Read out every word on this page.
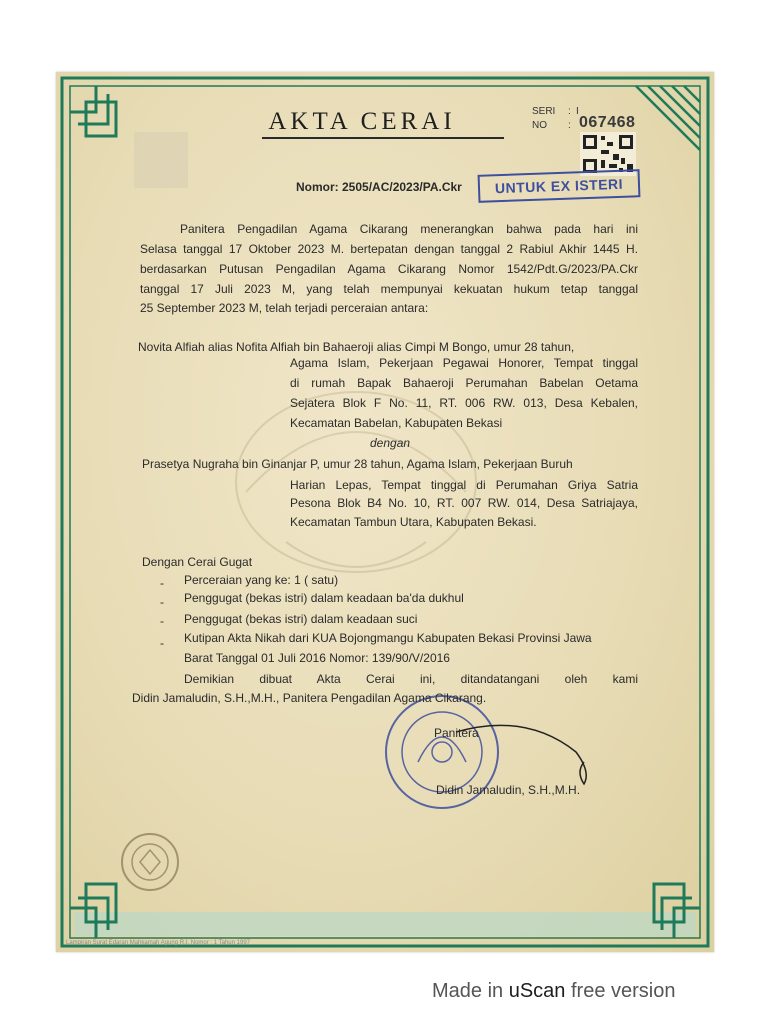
AKTA CERAI	SERI : I
NO : 067468
Nomor: 2505/AC/2023/PA.Ckr	UNTUK EX ISTERI
Panitera Pengadilan Agama Cikarang menerangkan bahwa pada hari ini
Selasa tanggal 17 Oktober 2023 M. bertepatan dengan tanggal 2 Rabiul Akhir 1445 H.
berdasarkan Putusan Pengadilan Agama Cikarang Nomor 1542/Pdt.G/2023/PA.Ckr
tanggal 17 Juli 2023 M, yang telah mempunyai kekuatan hukum tetap tanggal
25 September 2023 M, telah terjadi perceraian antara:
Novita Alfiah alias Nofita Alfiah bin Bahaeroji alias Cimpi M Bongo, umur 28 tahun,
Agama Islam, Pekerjaan Pegawai Honorer, Tempat tinggal
di rumah Bapak Bahaeroji Perumahan Babelan Oetama
Sejatera Blok F No. 11, RT. 006 RW. 013, Desa Kebalen,
Kecamatan Babelan, Kabupaten Bekasi
dengan
Prasetya Nugraha bin Ginanjar P, umur 28 tahun, Agama Islam, Pekerjaan Buruh
Harian Lepas, Tempat tinggal di Perumahan Griya Satria
Pesona Blok B4 No. 10, RT. 007 RW. 014, Desa Satriajaya,
Kecamatan Tambun Utara, Kabupaten Bekasi.
Dengan Cerai Gugat
- Perceraian yang ke: 1 ( satu)
- Penggugat (bekas istri) dalam keadaan ba'da dukhul
- Penggugat (bekas istri) dalam keadaan suci
- Kutipan Akta Nikah dari KUA Bojongmangu Kabupaten Bekasi Provinsi Jawa
Barat Tanggal 01 Juli 2016 Nomor: 139/90/V/2016
Demikian dibuat Akta Cerai ini, ditandatangani oleh kami
Didin Jamaludin, S.H.,M.H., Panitera Pengadilan Agama Cikarang.
Panitera
Didin Jamaludin, S.H.,M.H.
Lampiran Surat Edaran Mahkamah Agung R.I. Nomor : 1 Tahun 1997
Made in uScan free version
